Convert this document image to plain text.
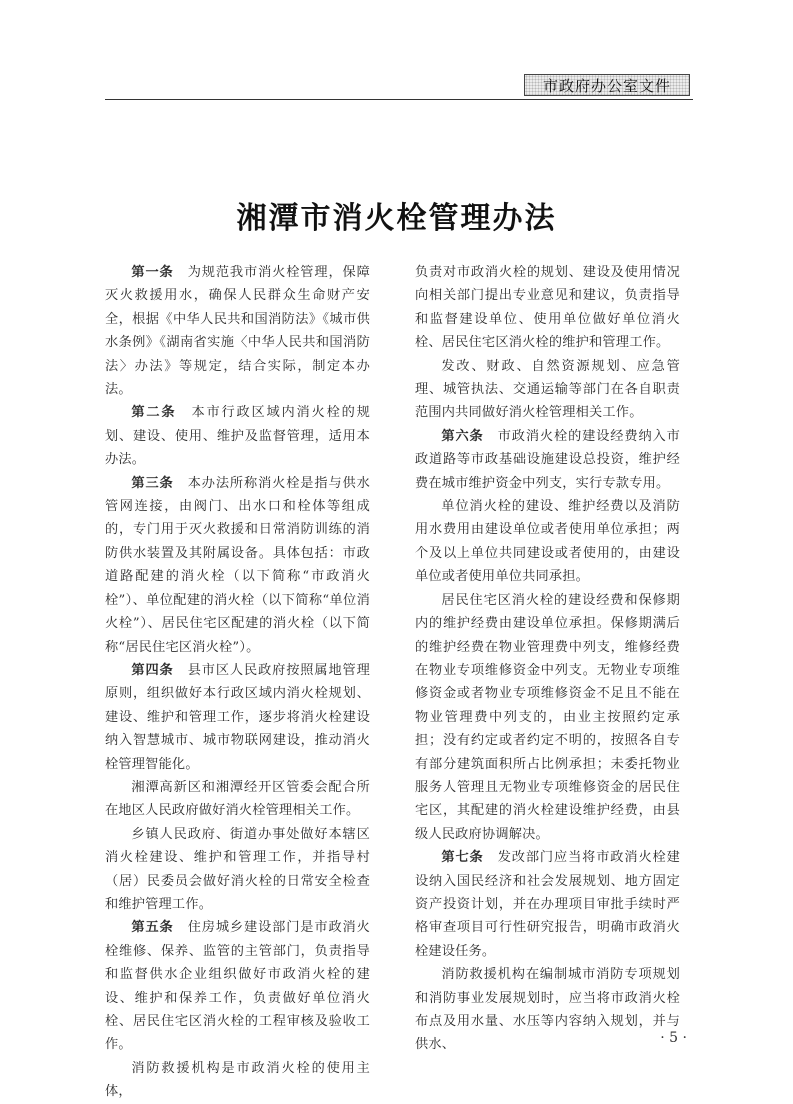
市政府办公室文件
湘潭市消火栓管理办法

第一条　为规范我市消火栓管理，保障灭火救援用水，确保人民群众生命财产安全，根据《中华人民共和国消防法》《城市供水条例》《湖南省实施〈中华人民共和国消防法〉办法》等规定，结合实际，制定本办法。

第二条　本市行政区域内消火栓的规划、建设、使用、维护及监督管理，适用本办法。

第三条　本办法所称消火栓是指与供水管网连接，由阀门、出水口和栓体等组成的，专门用于灭火救援和日常消防训练的消防供水装置及其附属设备。具体包括：市政道路配建的消火栓（以下简称“市政消火栓”）、单位配建的消火栓（以下简称“单位消火栓”）、居民住宅区配建的消火栓（以下简称“居民住宅区消火栓”）。

第四条　县市区人民政府按照属地管理原则，组织做好本行政区域内消火栓规划、建设、维护和管理工作，逐步将消火栓建设纳入智慧城市、城市物联网建设，推动消火栓管理智能化。

湘潭高新区和湘潭经开区管委会配合所在地区人民政府做好消火栓管理相关工作。

乡镇人民政府、街道办事处做好本辖区消火栓建设、维护和管理工作，并指导村（居）民委员会做好消火栓的日常安全检查和维护管理工作。

第五条　住房城乡建设部门是市政消火栓维修、保养、监管的主管部门，负责指导和监督供水企业组织做好市政消火栓的建设、维护和保养工作，负责做好单位消火栓、居民住宅区消火栓的工程审核及验收工作。

消防救援机构是市政消火栓的使用主体，

负责对市政消火栓的规划、建设及使用情况向相关部门提出专业意见和建议，负责指导和监督建设单位、使用单位做好单位消火栓、居民住宅区消火栓的维护和管理工作。

发改、财政、自然资源规划、应急管理、城管执法、交通运输等部门在各自职责范围内共同做好消火栓管理相关工作。

第六条　市政消火栓的建设经费纳入市政道路等市政基础设施建设总投资，维护经费在城市维护资金中列支，实行专款专用。

单位消火栓的建设、维护经费以及消防用水费用由建设单位或者使用单位承担；两个及以上单位共同建设或者使用的，由建设单位或者使用单位共同承担。

居民住宅区消火栓的建设经费和保修期内的维护经费由建设单位承担。保修期满后的维护经费在物业管理费中列支，维修经费在物业专项维修资金中列支。无物业专项维修资金或者物业专项维修资金不足且不能在物业管理费中列支的，由业主按照约定承担；没有约定或者约定不明的，按照各自专有部分建筑面积所占比例承担；未委托物业服务人管理且无物业专项维修资金的居民住宅区，其配建的消火栓建设维护经费，由县级人民政府协调解决。

第七条　发改部门应当将市政消火栓建设纳入国民经济和社会发展规划、地方固定资产投资计划，并在办理项目审批手续时严格审查项目可行性研究报告，明确市政消火栓建设任务。

消防救援机构在编制城市消防专项规划和消防事业发展规划时，应当将市政消火栓布点及用水量、水压等内容纳入规划，并与供水、	· 5 ·
